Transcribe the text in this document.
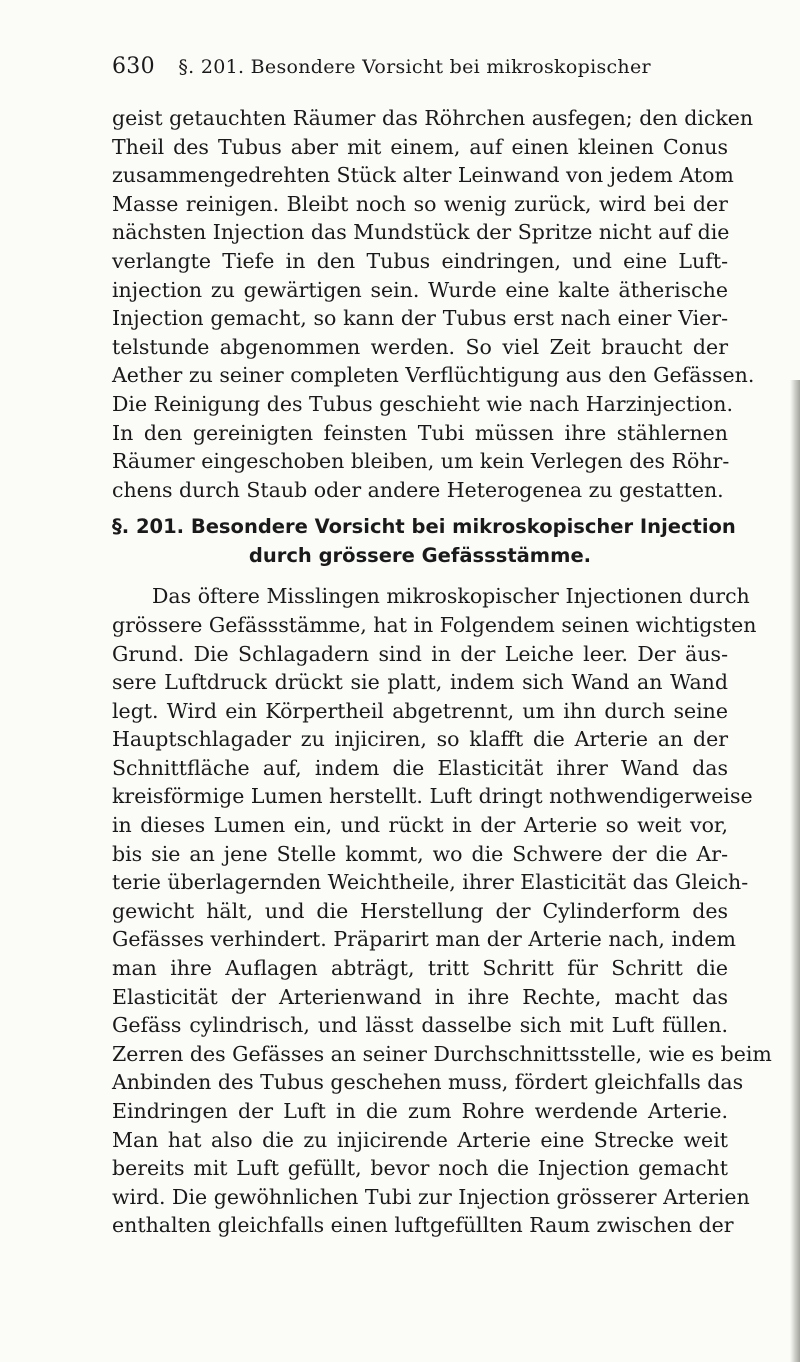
630 §. 201. Besondere Vorsicht bei mikroskopischer
geist getauchten Räumer das Röhrchen ausfegen; den dicken
Theil des Tubus aber mit einem, auf einen kleinen Conus
zusammengedrehten Stück alter Leinwand von jedem Atom
Masse reinigen. Bleibt noch so wenig zurück, wird bei der
nächsten Injection das Mundstück der Spritze nicht auf die
verlangte Tiefe in den Tubus eindringen, und eine Luft-
injection zu gewärtigen sein. Wurde eine kalte ätherische
Injection gemacht, so kann der Tubus erst nach einer Vier-
telstunde abgenommen werden. So viel Zeit braucht der
Aether zu seiner completen Verflüchtigung aus den Gefässen.
Die Reinigung des Tubus geschieht wie nach Harzinjection.
In den gereinigten feinsten Tubi müssen ihre stählernen
Räumer eingeschoben bleiben, um kein Verlegen des Röhr-
chens durch Staub oder andere Heterogenea zu gestatten.
§. 201. Besondere Vorsicht bei mikroskopischer Injection
durch grössere Gefässstämme.
Das öftere Misslingen mikroskopischer Injectionen durch
grössere Gefässstämme, hat in Folgendem seinen wichtigsten
Grund. Die Schlagadern sind in der Leiche leer. Der äus-
sere Luftdruck drückt sie platt, indem sich Wand an Wand
legt. Wird ein Körpertheil abgetrennt, um ihn durch seine
Hauptschlagader zu injiciren, so klafft die Arterie an der
Schnittfläche auf, indem die Elasticität ihrer Wand das
kreisförmige Lumen herstellt. Luft dringt nothwendigerweise
in dieses Lumen ein, und rückt in der Arterie so weit vor,
bis sie an jene Stelle kommt, wo die Schwere der die Ar-
terie überlagernden Weichtheile, ihrer Elasticität das Gleich-
gewicht hält, und die Herstellung der Cylinderform des
Gefässes verhindert. Präparirt man der Arterie nach, indem
man ihre Auflagen abträgt, tritt Schritt für Schritt die
Elasticität der Arterienwand in ihre Rechte, macht das
Gefäss cylindrisch, und lässt dasselbe sich mit Luft füllen.
Zerren des Gefässes an seiner Durchschnittsstelle, wie es beim
Anbinden des Tubus geschehen muss, fördert gleichfalls das
Eindringen der Luft in die zum Rohre werdende Arterie.
Man hat also die zu injicirende Arterie eine Strecke weit
bereits mit Luft gefüllt, bevor noch die Injection gemacht
wird. Die gewöhnlichen Tubi zur Injection grösserer Arterien
enthalten gleichfalls einen luftgefüllten Raum zwischen der
